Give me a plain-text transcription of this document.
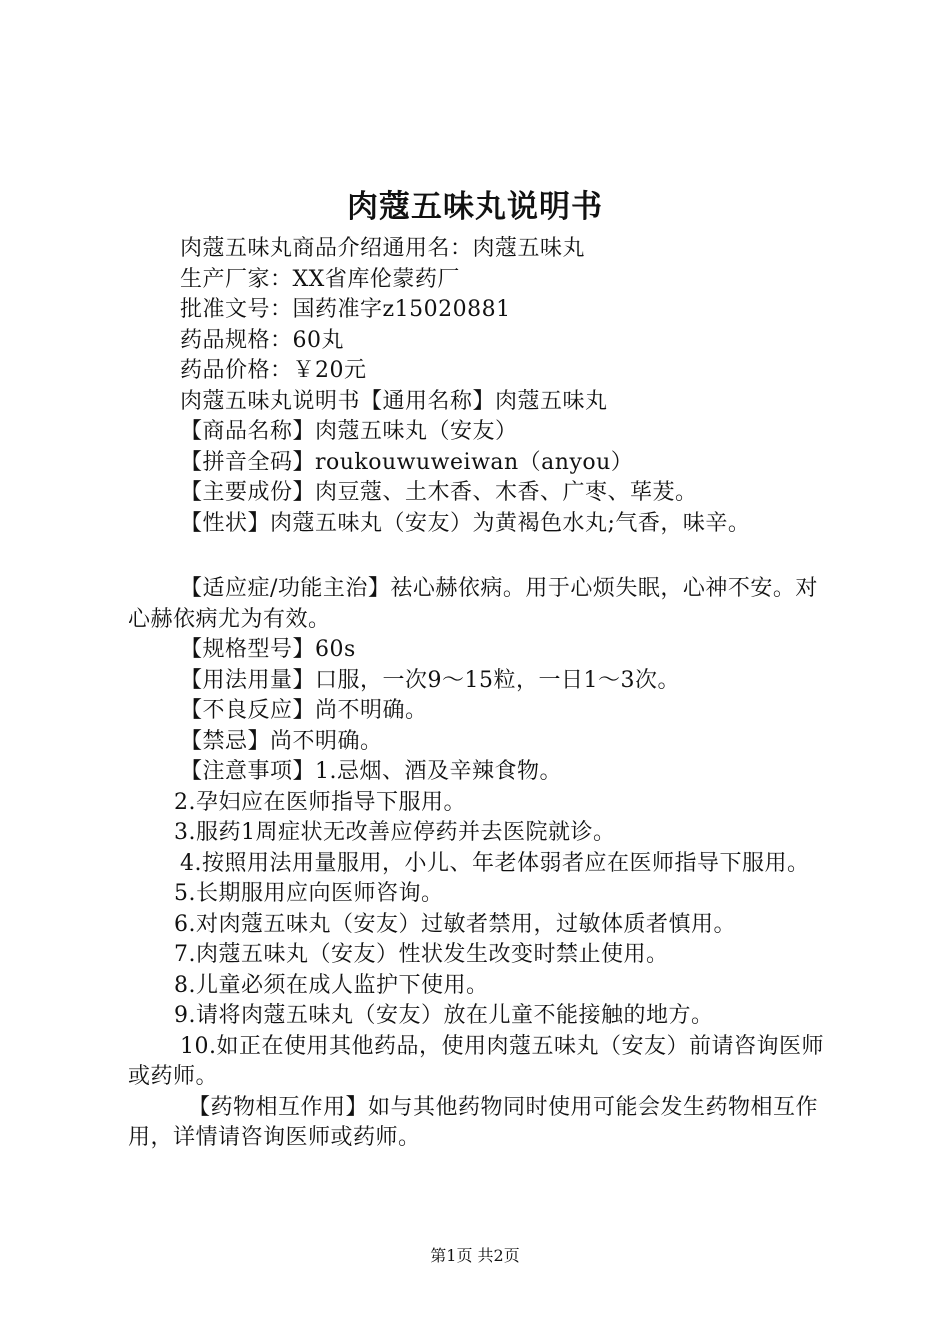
肉蔻五味丸说明书
肉蔻五味丸商品介绍通用名：肉蔻五味丸
生产厂家：XX省库伦蒙药厂
批准文号：国药准字z15020881
药品规格：60丸
药品价格：￥20元
肉蔻五味丸说明书【通用名称】肉蔻五味丸
【商品名称】肉蔻五味丸（安友）
【拼音全码】roukouwuweiwan（anyou）
【主要成份】肉豆蔻、土木香、木香、广枣、荜茇。
【性状】肉蔻五味丸（安友）为黄褐色水丸;气香，味辛。
【适应症/功能主治】祛心赫依病。用于心烦失眠，心神不安。对心赫依病尤为有效。
【规格型号】60s
【用法用量】口服，一次9～15粒，一日1～3次。
【不良反应】尚不明确。
【禁忌】尚不明确。
【注意事项】1.忌烟、酒及辛辣食物。
2.孕妇应在医师指导下服用。
3.服药1周症状无改善应停药并去医院就诊。
4.按照用法用量服用，小儿、年老体弱者应在医师指导下服用。
5.长期服用应向医师咨询。
6.对肉蔻五味丸（安友）过敏者禁用，过敏体质者慎用。
7.肉蔻五味丸（安友）性状发生改变时禁止使用。
8.儿童必须在成人监护下使用。
9.请将肉蔻五味丸（安友）放在儿童不能接触的地方。
10.如正在使用其他药品，使用肉蔻五味丸（安友）前请咨询医师或药师。
【药物相互作用】如与其他药物同时使用可能会发生药物相互作用，详情请咨询医师或药师。
第1页 共2页
